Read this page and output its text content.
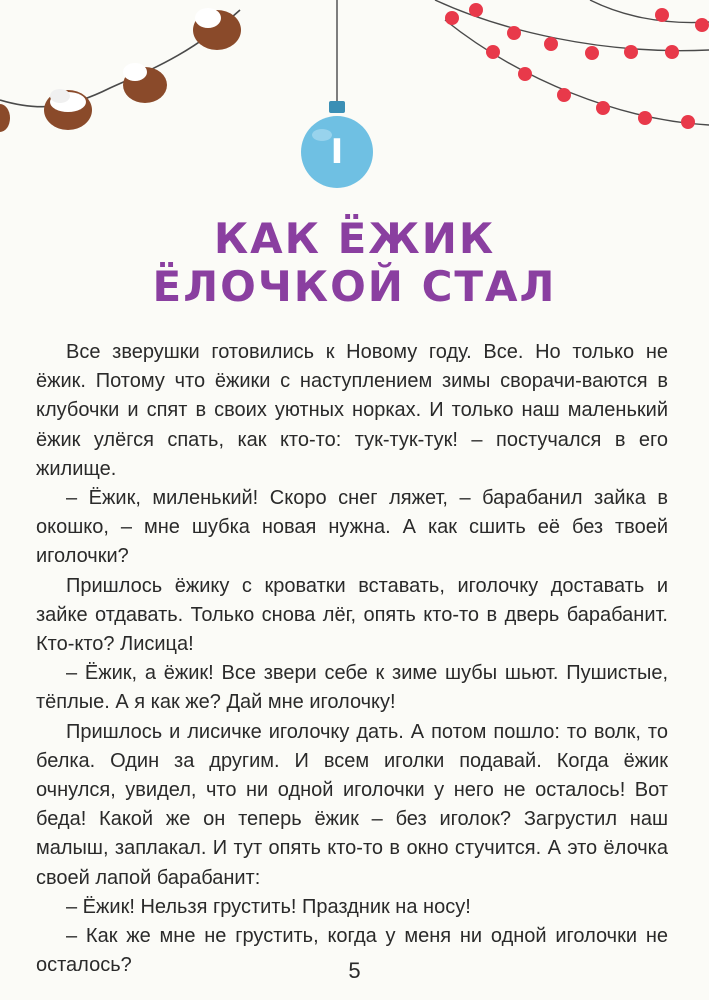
I
КАК ЁЖИК
ЁЛОЧКОЙ СТАЛ

Все зверушки готовились к Новому году. Все. Но только не ёжик. Потому что ёжики с наступлением зимы сворачи-ваются в клубочки и спят в своих уютных норках. И только наш маленький ёжик улёгся спать, как кто-то: тук-тук-тук! – постучался в его жилище.

– Ёжик, миленький! Скоро снег ляжет, – барабанил зайка в окошко, – мне шубка новая нужна. А как сшить её без твоей иголочки?

Пришлось ёжику с кроватки вставать, иголочку доставать и зайке отдавать. Только снова лёг, опять кто-то в дверь барабанит. Кто-кто? Лисица!

– Ёжик, а ёжик! Все звери себе к зиме шубы шьют. Пушистые, тёплые. А я как же? Дай мне иголочку!

Пришлось и лисичке иголочку дать. А потом пошло: то волк, то белка. Один за другим. И всем иголки подавай. Когда ёжик очнулся, увидел, что ни одной иголочки у него не осталось! Вот беда! Какой же он теперь ёжик – без иголок? Загрустил наш малыш, заплакал. И тут опять кто-то в окно стучится. А это ёлочка своей лапой барабанит:

– Ёжик! Нельзя грустить! Праздник на носу!

– Как же мне не грустить, когда у меня ни одной иголочки не осталось?	5
